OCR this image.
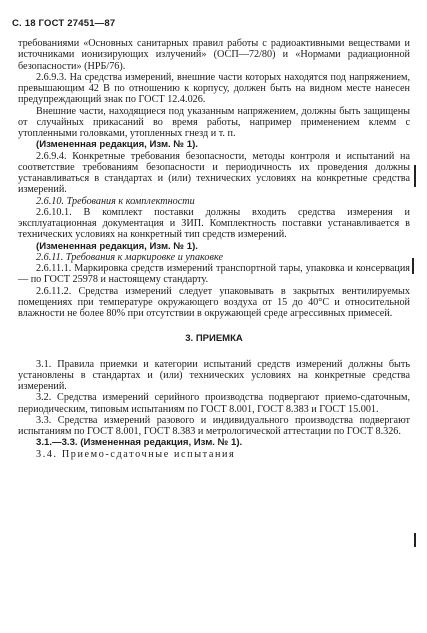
С. 18 ГОСТ 27451—87

требованиями «Основных санитарных правил работы с радиоактивными веществами и источниками ионизирующих излучений» (ОСП—72/80) и «Нормами радиационной безопасности» (НРБ/76).

2.6.9.3. На средства измерений, внешние части которых находятся под напряжением, превышающим 42 В по отношению к корпусу, должен быть на видном месте нанесен предупреждающий знак по ГОСТ 12.4.026.

Внешние части, находящиеся под указанным напряжением, должны быть защищены от случайных прикасаний во время работы, например применением клемм с утопленными головками, утопленных гнезд и т. п.

(Измененная редакция, Изм. № 1).

2.6.9.4. Конкретные требования безопасности, методы контроля и испытаний на соответствие требованиям безопасности и периодичность их проведения должны устанавливаться в стандартах и (или) технических условиях на конкретные средства измерений.

2.6.10. Требования к комплектности

2.6.10.1. В комплект поставки должны входить средства измерения и эксплуатационная документация и ЗИП. Комплектность поставки устанавливается в технических условиях на конкретный тип средств измерений.

(Измененная редакция, Изм. № 1).

2.6.11. Требования к маркировке и упаковке

2.6.11.1. Маркировка средств измерений транспортной тары, упаковка и консервация — по ГОСТ 25978 и настоящему стандарту.

2.6.11.2. Средства измерений следует упаковывать в закрытых вентилируемых помещениях при температуре окружающего воздуха от 15 до 40°С и относительной влажности не более 80% при отсутствии в окружающей среде агрессивных примесей.

3. ПРИЕМКА

3.1. Правила приемки и категории испытаний средств измерений должны быть установлены в стандартах и (или) технических условиях на конкретные средства измерений.

3.2. Средства измерений серийного производства подвергают приемо-сдаточным, периодическим, типовым испытаниям по ГОСТ 8.001, ГОСТ 8.383 и ГОСТ 15.001.

3.3. Средства измерений разового и индивидуального производства подвергают испытаниям по ГОСТ 8.001, ГОСТ 8.383 и метрологической аттестации по ГОСТ 8.326.

3.1.—3.3. (Измененная редакция, Изм. № 1).

3.4. Приемо-сдаточные испытания
